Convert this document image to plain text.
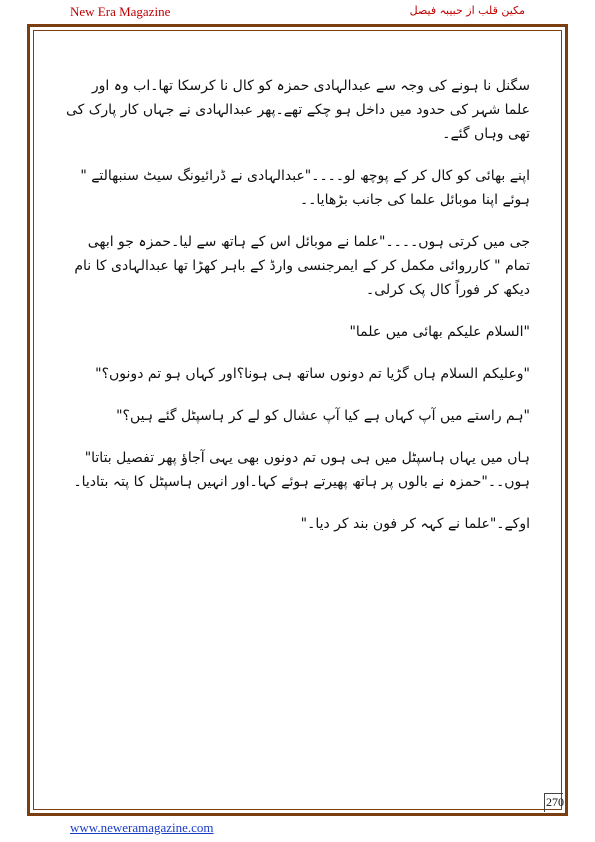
New Era Magazine	مکین قلب از حبیبہ فیصل

سگنل نا ہونے کی وجہ سے عبدالہادی حمزہ کو کال نا کرسکا تھا۔اب وہ اور علما شہر کی حدود میں داخل ہو چکے تھے۔پھر عبدالہادی نے جہاں کار پارک کی تھی وہاں گئے۔

اپنے بھائی کو کال کر کے پوچھ لو۔۔۔۔"عبدالہادی نے ڈرائیونگ سیٹ سنبھالتے " ہوئے اپنا موبائل علما کی جانب بڑھایا۔۔

جی میں کرتی ہوں۔۔۔۔"علما نے موبائل اس کے ہاتھ سے لیا۔حمزہ جو ابھی تمام " کارروائی مکمل کر کے ایمرجنسی وارڈ کے باہر کھڑا تھا عبدالہادی کا نام دیکھ کر فوراً کال پک کرلی۔

"السلام علیکم بھائی میں علما"

"وعلیکم السلام ہاں گڑیا تم دونوں ساتھ ہی ہونا؟اور کہاں ہو تم دونوں؟"

"ہم راستے میں آپ کہاں ہے کیا آپ عشال کو لے کر ہاسپٹل گئے ہیں؟"

ہاں میں یہاں ہاسپٹل میں ہی ہوں تم دونوں بھی یہی آجاؤ پھر تفصیل بتاتا" ہوں۔۔"حمزہ نے بالوں پر ہاتھ پھیرتے ہوئے کہا۔اور انہیں ہاسپٹل کا پتہ بتادیا۔

اوکے۔"علما نے کہہ کر فون بند کر دیا۔"

270
www.neweramagazine.com
